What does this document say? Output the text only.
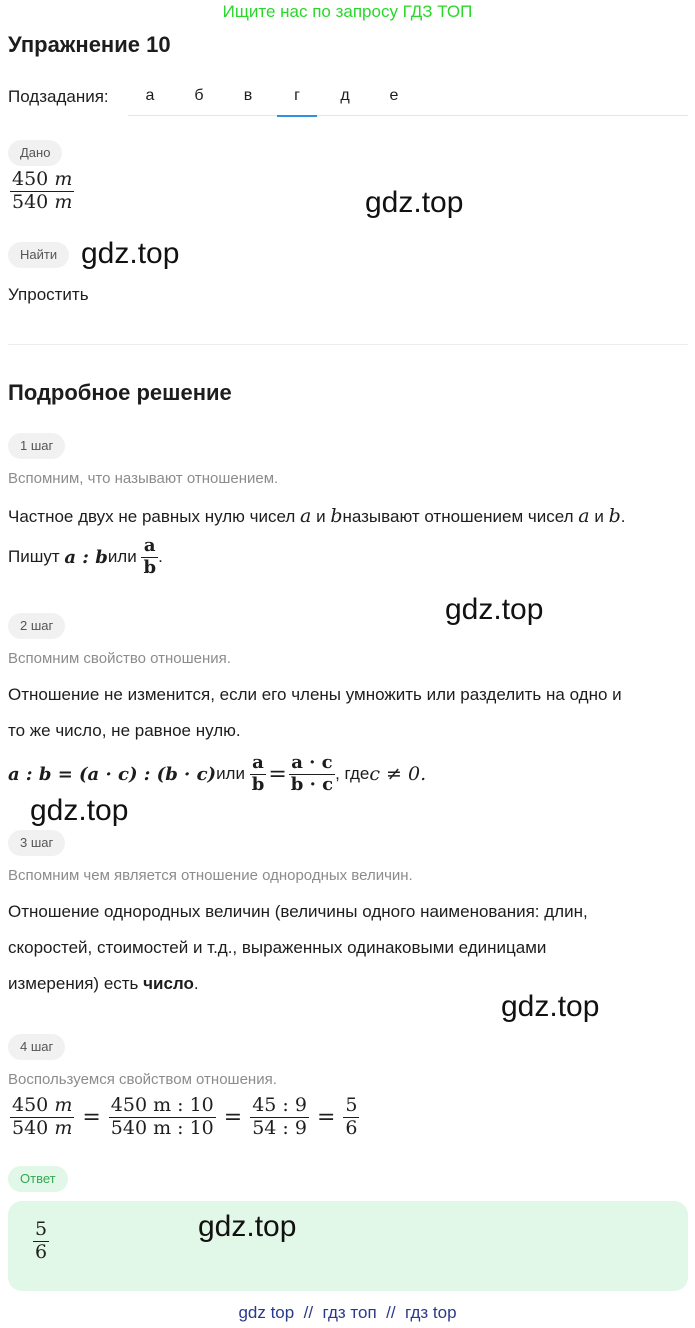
Ищите нас по запросу ГДЗ ТОП
Упражнение 10
Подзадания:	а	б	в	г	д	е
Дано
$\frac{450 m}{540 m}$	gdz.top
Найти gdz.top
Упростить
Подробное решение
1 шаг
Вспомним, что называют отношением.
Частное двух не равных нулю чисел a и bназывают отношением чисел a и b.
Пишут
a : b или
$\frac{a}{b}$ .
gdz.top
2 шаг
Вспомним свойство отношения.
Отношение не изменится, если его члены умножить или разделить на одно и
то же число, не равное нулю.
a : b = (a · c) : (b · c) или
$\frac{a}{b} = \frac{a \cdot c}{b \cdot c}$ , где c ≠ 0.
gdz.top
3 шаг
Вспомним чем является отношение однородных величин.
Отношение однородных величин (величины одного наименования: длин,
скоростей, стоимостей и т.д., выраженных одинаковыми единицами
измерения) есть число.
gdz.top
4 шаг
Воспользуемся свойством отношения.
$\frac{450 m}{540 m} = \frac{450 m : 10}{540 m : 10} = \frac{45 : 9}{54 : 9} = \frac{5}{6}$
Ответ
$\frac{5}{6}$	gdz.top
gdz top  //  гдз топ  //  гдз top
